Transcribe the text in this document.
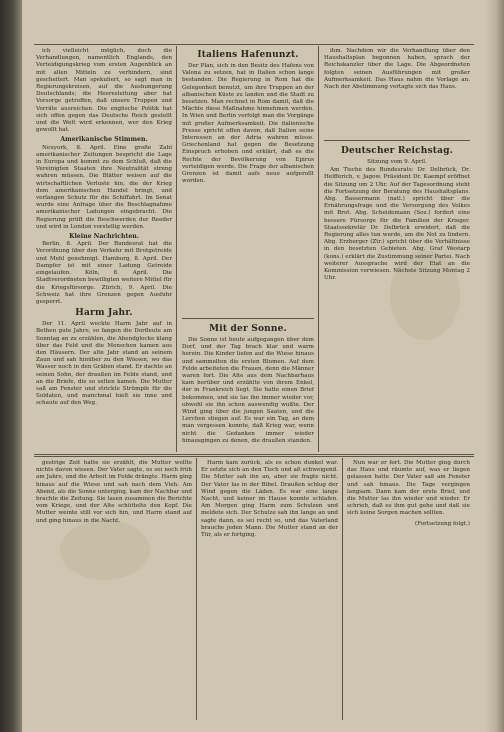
ich vielleicht möglich, doch die Verhandlungen, namentlich Englands, den Verteidigungskrieg vom ersten Augenblick an mit allen Mitteln zu verhindern, sind gescheitert. Man spekuliert, so sagt man in Regierungskreisen, auf die Aushungerung Deutschlands; die Heeresleitung aber hat Vorsorge getroffen, daß unsere Truppen und Vorräte ausreichen. Die englische Politik hat sich offen gegen das Deutsche Reich gestellt und die Welt wird erkennen, wer den Krieg gewollt hat.

Amerikanische Stimmen.

Neuyork, 8. April. Eine große Zahl amerikanischer Zeitungen bespricht die Lage in Europa und kommt zu dem Schluß, daß die Vereinigten Staaten ihre Neutralität streng wahren müssen. Die Blätter weisen auf die wirtschaftlichen Verluste hin, die der Krieg dem amerikanischen Handel bringt, und verlangen Schutz für die Schiffahrt. Im Senat wurde eine Anfrage über die Beschlagnahme amerikanischer Ladungen eingebracht. Die Regierung prüft die Beschwerden der Reeder und wird in London vorstellig werden.

Kleine Nachrichten.

Berlin, 8. April. Der Bundesrat hat die Verordnung über den Verkehr mit Brotgetreide und Mehl genehmigt. Hamburg, 8. April. Der Dampfer ist mit einer Ladung Getreide eingelaufen. Köln, 8. April. Die Stadtverordneten bewilligten weitere Mittel für die Kriegsfürsorge. Zürich, 9. April. Die Schweiz hat ihre Grenzen gegen Ausfuhr gesperrt.

Harm Jahr.

Der 11. April weckte Harm Jahr auf in Bethen gute Jahre, so fangen die Dorfleute am Sonntag an zu erzählen, die Abendglocke klang über das Feld und die Menschen kamen aus den Häusern. Der alte Jahr stand an seinem Zaun und sah hinüber zu den Wiesen, wo das Wasser noch in den Gräben stand. Er dachte an seinen Sohn, der draußen im Felde stand, und an die Briefe, die so selten kamen. Die Mutter saß am Fenster und strickte Strümpfe für die Soldaten, und manchmal hielt sie inne und schaute auf den Weg.

Italiens Hafenunzt.

Der Plan, sich in den Besitz des Hafens von Valona zu setzen, hat in Italien schon lange bestanden. Die Regierung in Rom hat die Gelegenheit benutzt, um ihre Truppen an der albanischen Küste zu landen und die Stadt zu besetzen. Man rechnet in Rom damit, daß die Mächte diese Maßnahme hinnehmen werden. In Wien und Berlin verfolgt man die Vorgänge mit großer Aufmerksamkeit. Die italienische Presse spricht offen davon, daß Italien seine Interessen an der Adria wahren müsse. Griechenland hat gegen die Besetzung Einspruch erhoben und erklärt, daß es die Rechte der Bevölkerung von Epirus verteidigen werde. Die Frage der albanischen Grenzen ist damit aufs neue aufgerollt worden.

Mit der Sonne.

Die Sonne ist heute aufgegangen über dem Dorf, und der Tag brach klar und warm herein. Die Kinder liefen auf die Wiese hinaus und sammelten die ersten Blumen. Auf dem Felde arbeiteten die Frauen, denn die Männer waren fort. Die Alte aus dem Nachbarhaus kam herüber und erzählte von ihrem Enkel, der in Frankreich liegt. Sie hatte einen Brief bekommen, und sie las ihn immer wieder vor, obwohl sie ihn schon auswendig wußte. Der Wind ging über die jungen Saaten, und die Lerchen stiegen auf. Es war ein Tag, an dem man vergessen konnte, daß Krieg war, wenn nicht die Gedanken immer wieder hinausgingen zu denen, die draußen standen.

ihm. Nachdem wir die Verhandlung über den Haushaltsplan begonnen haben, sprach der Reichskanzler über die Lage. Die Abgeordneten folgten seinen Ausführungen mit großer Aufmerksamkeit. Das Haus nahm die Vorlage an. Nach der Abstimmung vertagte sich das Haus.

Deutscher Reichstag.
Sitzung vom 9. April.

Am Tische des Bundesrats: Dr. Delbrück, Dr. Helfferich, v. Jagow. Präsident Dr. Kaempf eröffnet die Sitzung um 2 Uhr. Auf der Tagesordnung steht die Fortsetzung der Beratung des Haushaltsplans. Abg. Bassermann (natl.) spricht über die Ernährungsfrage und die Versorgung des Volkes mit Brot. Abg. Scheidemann (Soz.) fordert eine bessere Fürsorge für die Familien der Krieger. Staatssekretär Dr. Delbrück erwidert, daß die Regierung alles tun werde, um die Not zu lindern. Abg. Erzberger (Ztr.) spricht über die Verhältnisse in den besetzten Gebieten. Abg. Graf Westarp (kons.) erklärt die Zustimmung seiner Partei. Nach weiterer Aussprache wird der Etat an die Kommission verwiesen. Nächste Sitzung Montag 2 Uhr.

gestrige Zeit hatte sie erzählt, die Mutter wollte nichts davon wissen. Der Vater sagte, es sei noch früh am Jahre, und die Arbeit im Felde drängte. Harm ging hinaus auf die Wiese und sah nach dem Vieh. Am Abend, als die Sonne unterging, kam der Nachbar und brachte die Zeitung. Sie lasen zusammen die Berichte vom Kriege, und der Alte schüttelte den Kopf. Die Mutter weinte still vor sich hin, und Harm stand auf und ging hinaus in die Nacht.

Harm kam zurück, als es schon dunkel war. Er setzte sich an den Tisch und aß schweigend. Die Mutter sah ihn an, aber sie fragte nicht. Der Vater las in der Bibel. Draußen schlug der Wind gegen die Läden. Es war eine lange Nacht, und keiner im Hause konnte schlafen. Am Morgen ging Harm zum Schulzen und meldete sich. Der Schulze sah ihn lange an und sagte dann, es sei recht so, und das Vaterland brauche jeden Mann. Die Mutter stand an der Tür, als er fortging.

Nun war er fort. Die Mutter ging durch das Haus und räumte auf, was er liegen gelassen hatte. Der Vater saß am Fenster und sah hinaus. Die Tage vergingen langsam. Dann kam der erste Brief, und die Mutter las ihn wieder und wieder. Er schrieb, daß es ihm gut gehe und daß sie sich keine Sorgen machen sollten.

(Fortsetzung folgt.)
